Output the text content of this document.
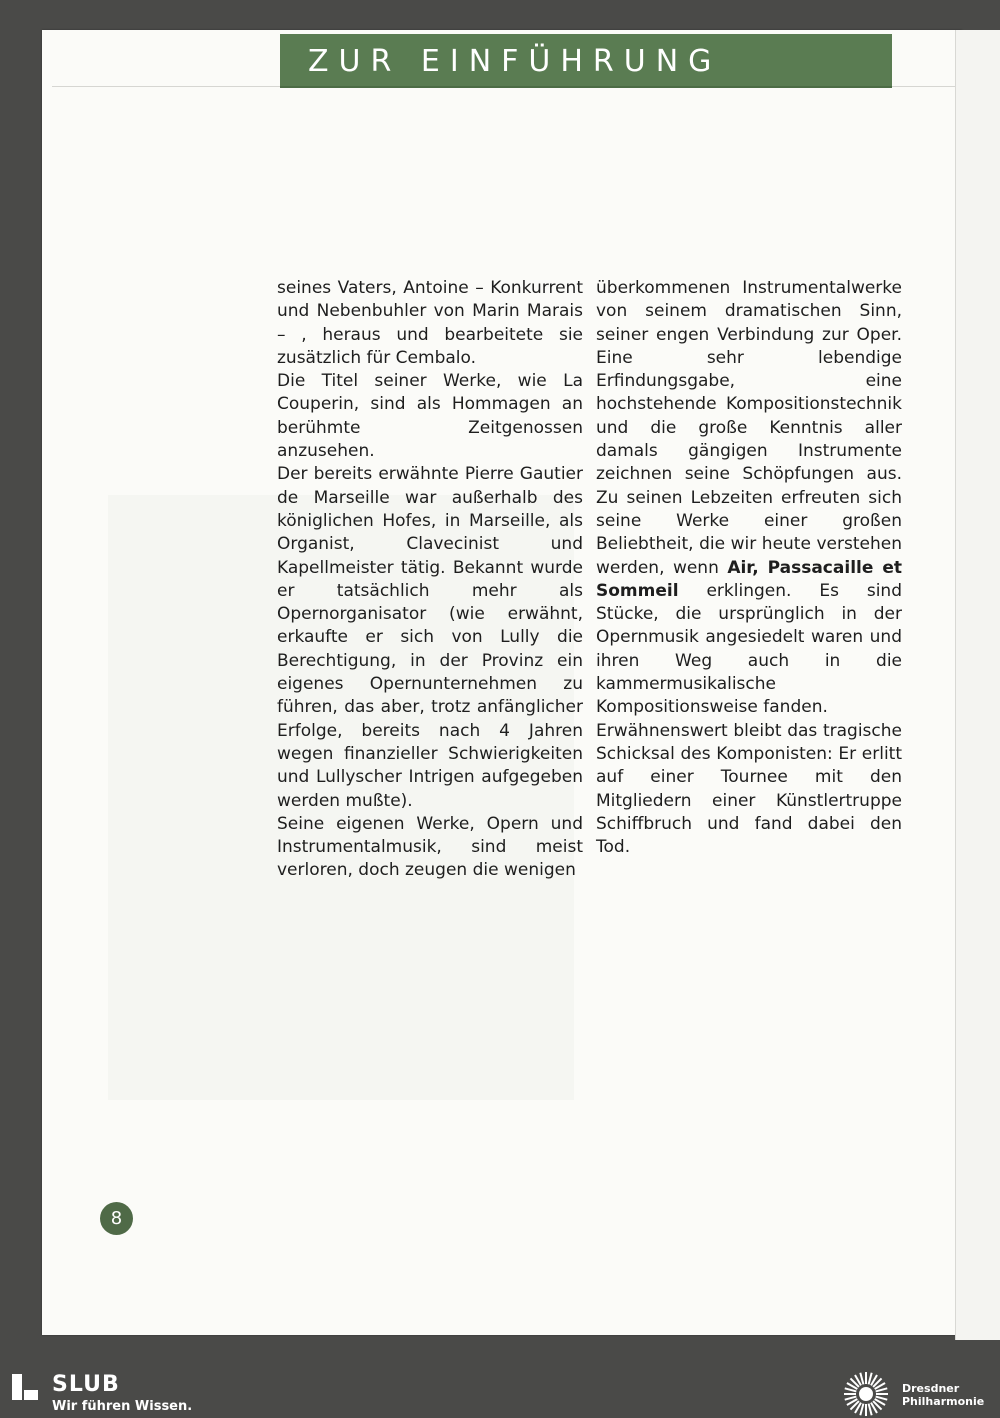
ZUR EINFÜHRUNG

seines Vaters, Antoine – Konkurrent und Nebenbuhler von Marin Marais – , heraus und bearbeitete sie zusätzlich für Cembalo.

Die Titel seiner Werke, wie La Couperin, sind als Hommagen an berühmte Zeitgenossen anzusehen.

Der bereits erwähnte Pierre Gautier de Marseille war außerhalb des königlichen Hofes, in Marseille, als Organist, Clavecinist und Kapellmeister tätig. Bekannt wurde er tatsächlich mehr als Opernorganisator (wie erwähnt, erkaufte er sich von Lully die Berechtigung, in der Provinz ein eigenes Opernunternehmen zu führen, das aber, trotz anfänglicher Erfolge, bereits nach 4 Jahren wegen finanzieller Schwierigkeiten und Lullyscher Intrigen aufgegeben werden mußte).

Seine eigenen Werke, Opern und Instrumentalmusik, sind meist verloren, doch zeugen die wenigen

überkommenen Instrumentalwerke von seinem dramatischen Sinn, seiner engen Verbindung zur Oper. Eine sehr lebendige Erfindungsgabe, eine hochstehende Kompositionstechnik und die große Kenntnis aller damals gängigen Instrumente zeichnen seine Schöpfungen aus. Zu seinen Lebzeiten erfreuten sich seine Werke einer großen Beliebtheit, die wir heute verstehen werden, wenn Air, Passacaille et Sommeil erklingen. Es sind Stücke, die ursprünglich in der Opernmusik angesiedelt waren und ihren Weg auch in die kammermusikalische Kompositionsweise fanden.

Erwähnenswert bleibt das tragische Schicksal des Komponisten: Er erlitt auf einer Tournee mit den Mitgliedern einer Künstlertruppe Schiffbruch und fand dabei den Tod.

8
SLUB
Wir führen Wissen.
Dresdner
Philharmonie
